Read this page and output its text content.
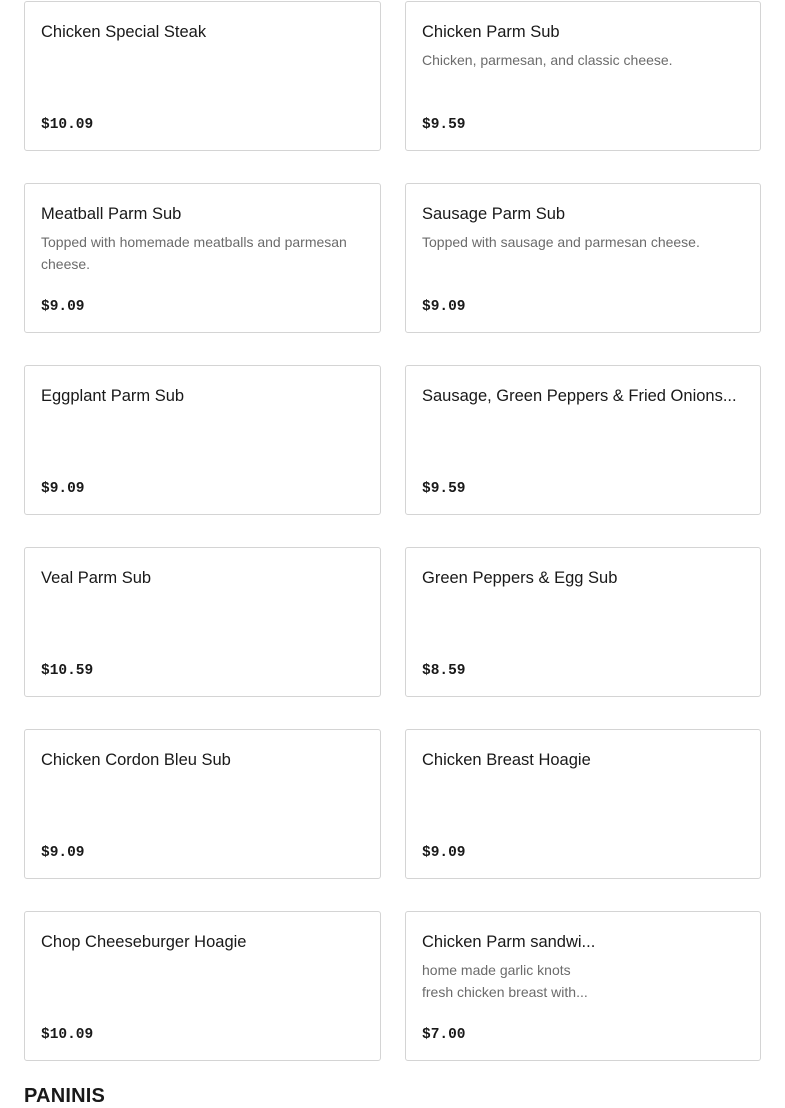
Chicken Special Steak
$10.09
Chicken Parm Sub
Chicken, parmesan, and classic cheese.
$9.59
Meatball Parm Sub
Topped with homemade meatballs and parmesan cheese.
$9.09
Sausage Parm Sub
Topped with sausage and parmesan cheese.
$9.09
Eggplant Parm Sub
$9.09
Sausage, Green Peppers & Fried Onions...
$9.59
Veal Parm Sub
$10.59
Green Peppers & Egg Sub
$8.59
Chicken Cordon Bleu Sub
$9.09
Chicken Breast Hoagie
$9.09
Chop Cheeseburger Hoagie
$10.09
Chicken Parm sandwi...
home made garlic knots
fresh chicken breast with...
$7.00
PANINIS
